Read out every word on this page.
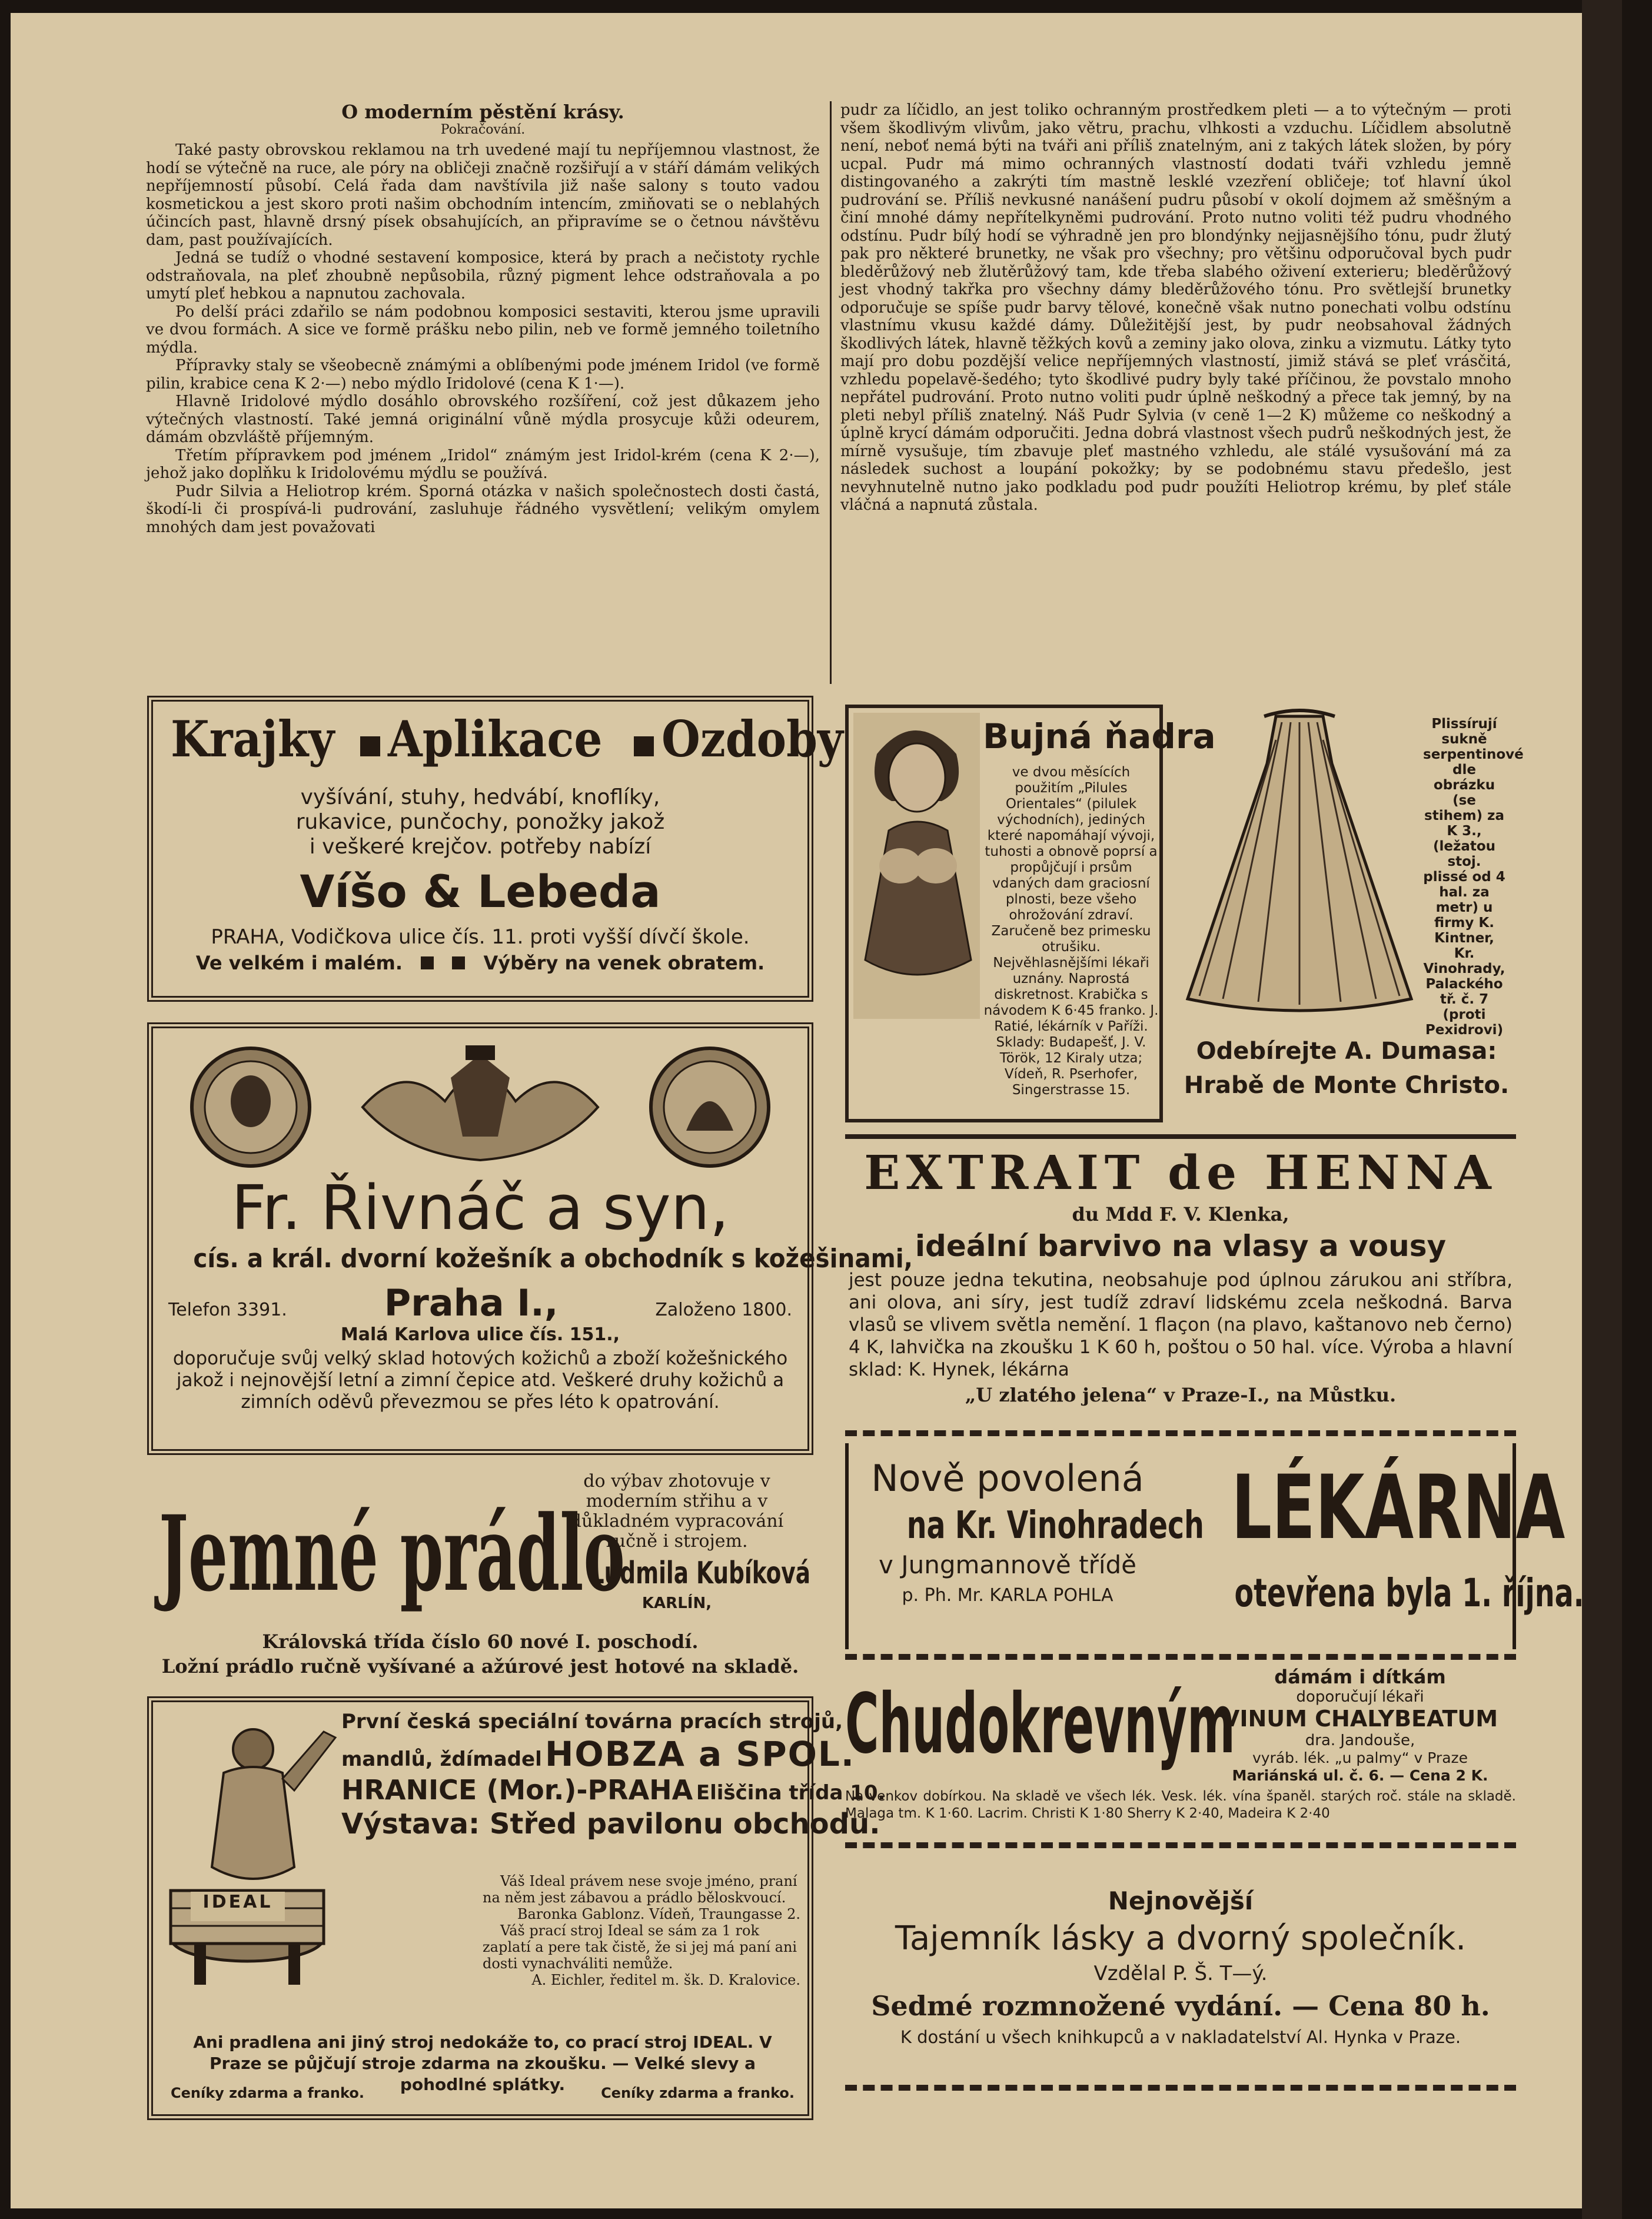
O moderním pěstění krásy.
Pokračování.

Také pasty obrovskou reklamou na trh uvedené mají tu nepříjemnou vlastnost, že hodí se výtečně na ruce, ale póry na obličeji značně rozšiřují a v stáří dámám velikých nepříjemností působí. Celá řada dam navštívila již naše salony s touto vadou kosmetickou a jest skoro proti našim obchodním intencím, zmiňovati se o neblahých účincích past, hlavně drsný písek obsahujících, an připravíme se o četnou návštěvu dam, past používajících.

Jedná se tudíž o vhodné sestavení komposice, která by prach a nečistoty rychle odstraňovala, na pleť zhoubně nepůsobila, různý pigment lehce odstraňovala a po umytí pleť hebkou a napnutou zachovala.

Po delší práci zdařilo se nám podobnou komposici sestaviti, kterou jsme upravili ve dvou formách. A sice ve formě prášku nebo pilin, neb ve formě jemného toiletního mýdla.

Přípravky staly se všeobecně známými a oblíbenými pode jménem Iridol (ve formě pilin, krabice cena K 2·—) nebo mýdlo Iridolové (cena K 1·—).

Hlavně Iridolové mýdlo dosáhlo obrovského rozšíření, což jest důkazem jeho výtečných vlastností. Také jemná originální vůně mýdla prosycuje kůži odeurem, dámám obzvláště příjemným.

Třetím přípravkem pod jménem „Iridol“ známým jest Iridol-krém (cena K 2·—), jehož jako doplňku k Iridolovému mýdlu se používá.

Pudr Silvia a Heliotrop krém. Sporná otázka v našich společnostech dosti častá, škodí-li či prospívá-li pudrování, zasluhuje řádného vysvětlení; velikým omylem mnohých dam jest považovati

pudr za líčidlo, an jest toliko ochranným prostředkem pleti — a to výtečným — proti všem škodlivým vlivům, jako větru, prachu, vlhkosti a vzduchu. Líčidlem absolutně není, neboť nemá býti na tváři ani příliš znatelným, ani z takých látek složen, by póry ucpal. Pudr má mimo ochranných vlastností dodati tváři vzhledu jemně distingovaného a zakrýti tím mastně lesklé vzezření obličeje; toť hlavní úkol pudrování se. Příliš nevkusné nanášení pudru působí v okolí dojmem až směšným a činí mnohé dámy nepřítelkyněmi pudrování. Proto nutno voliti též pudru vhodného odstínu. Pudr bílý hodí se výhradně jen pro blondýnky nejjasnějšího tónu, pudr žlutý pak pro některé brunetky, ne však pro všechny; pro většinu odporučoval bych pudr bleděrůžový neb žlutěrůžový tam, kde třeba slabého oživení exterieru; bleděrůžový jest vhodný takřka pro všechny dámy bleděrůžového tónu. Pro světlejší brunetky odporučuje se spíše pudr barvy tělové, konečně však nutno ponechati volbu odstínu vlastnímu vkusu každé dámy. Důležitější jest, by pudr neobsahoval žádných škodlivých látek, hlavně těžkých kovů a zeminy jako olova, zinku a vizmutu. Látky tyto mají pro dobu pozdější velice nepříjemných vlastností, jimiž stává se pleť vrásčitá, vzhledu popelavě-šedého; tyto škodlivé pudry byly také příčinou, že povstalo mnoho nepřátel pudrování. Proto nutno voliti pudr úplně neškodný a přece tak jemný, by na pleti nebyl příliš znatelný. Náš Pudr Sylvia (v ceně 1—2 K) můžeme co neškodný a úplně krycí dámám odporučiti. Jedna dobrá vlastnost všech pudrů neškodných jest, že mírně vysušuje, tím zbavuje pleť mastného vzhledu, ale stálé vysušování má za následek suchost a loupání pokožky; by se podobnému stavu předešlo, jest nevyhnutelně nutno jako podkladu pod pudr použíti Heliotrop krému, by pleť stále vláčná a napnutá zůstala.

Krajky Aplikace Ozdoby
vyšívání, stuhy, hedvábí, knoflíky,
rukavice, punčochy, ponožky jakož
i veškeré krejčov. potřeby nabízí
Víšo & Lebeda
PRAHA, Vodičkova ulice čís. 11. proti vyšší dívčí škole.
Ve velkém i malém.	Výběry na venek obratem.
Fr. Řivnáč a syn,
cís. a král. dvorní kožešník a obchodník s kožešinami,
Telefon 3391.	Praha I.,	Založeno 1800.
Malá Karlova ulice čís. 151.,
doporučuje svůj velký sklad hotových kožichů a zboží kožešnického jakož i nejnovější letní a zimní čepice atd. Veškeré druhy kožichů a zimních oděvů převezmou se přes léto k opatrování.
Jemné prádlo
do výbav zhotovuje v moderním střihu a v důkladném vypracování ručně i strojem.
Ludmila Kubíková
KARLÍN,
Královská třída číslo 60 nové I. poschodí.
Ložní prádlo ručně vyšívané a ažúrové jest hotové na skladě.
IDEAL
První česká speciální továrna pracích strojů,
mandlů, ždímadel HOBZA a SPOL.
HRANICE (Mor.)-PRAHA Eliščina třída 10.
Výstava: Střed pavilonu obchodu.
Váš Ideal právem nese svoje jméno, praní na něm jest zábavou a prádlo běloskvoucí.
Baronka Gablonz. Vídeň, Traungasse 2.
Váš prací stroj Ideal se sám za 1 rok zaplatí a pere tak čistě, že si jej má paní ani dosti vynachváliti nemůže.
A. Eichler, ředitel m. šk. D. Kralovice.
Ani pradlena ani jiný stroj nedokáže to, co prací stroj IDEAL. V Praze se půjčují stroje zdarma na zkoušku. — Velké slevy a pohodlné splátky.
Ceníky zdarma a franko.	Ceníky zdarma a franko.
Bujná ňadra
ve dvou měsících použitím „Pilules Orientales“ (pilulek východních), jediných které napomáhají vývoji, tuhosti a obnově poprsí a propůjčují i prsům vdaných dam graciosní plnosti, beze všeho ohrožování zdraví. Zaručeně bez primesku otrušiku. Nejvěhlasnějšími lékaři uznány. Naprostá diskretnost. Krabička s návodem K 6·45 franko. J. Ratié, lékárník v Paříži. Sklady: Budapešť, J. V. Török, 12 Kiraly utza; Vídeň, R. Pserhofer, Singerstrasse 15.
Plissírují sukně serpentinové dle obrázku (se stihem) za K 3., (ležatou stoj. plissé od 4 hal. za metr) u firmy K. Kintner, Kr. Vinohrady, Palackého tř. č. 7 (proti Pexidrovi)
Odebírejte A. Dumasa:
Hrabě de Monte Christo.
EXTRAIT de HENNA
du Mdd F. V. Klenka,
ideální barvivo na vlasy a vousy
jest pouze jedna tekutina, neobsahuje pod úplnou zárukou ani stříbra, ani olova, ani síry, jest tudíž zdraví lidskému zcela neškodná. Barva vlasů se vlivem světla nemění. 1 flaçon (na plavo, kaštanovo neb černo) 4 K, lahvička na zkoušku 1 K 60 h, poštou o 50 hal. více. Výroba a hlavní sklad: K. Hynek, lékárna
„U zlatého jelena“ v Praze-I., na Můstku.
Nově povolená
na Kr. Vinohradech
v Jungmannově třídě
p. Ph. Mr. KARLA POHLA
LÉKÁRNA otevřena byla 1. října.
Chudokrevným	dámám i dítkám
doporučují lékaři
VINUM CHALYBEATUM
dra. Jandouše,
vyráb. lék. „u palmy“ v Praze
Mariánská ul. č. 6. — Cena 2 K.
Na venkov dobírkou. Na skladě ve všech lék. Vesk. lék. vína španěl. starých roč. stále na skladě. Malaga tm. K 1·60. Lacrim. Christi K 1·80 Sherry K 2·40, Madeira K 2·40
Nejnovější
Tajemník lásky a dvorný společník.
Vzdělal P. Š. T—ý.
Sedmé rozmnožené vydání. — Cena 80 h.
K dostání u všech knihkupců a v nakladatelství Al. Hynka v Praze.
